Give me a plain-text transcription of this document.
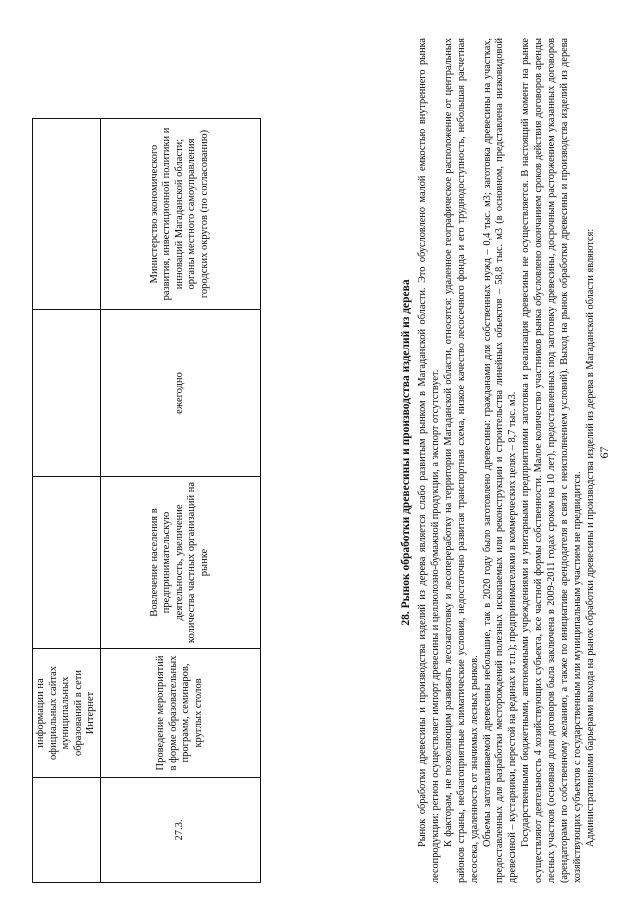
67
	информации на официальных сайтах муниципальных образований в сети Интернет			
27.3.	Проведение мероприятий в форме образовательных программ, семинаров, круглых столов	Вовлечение населения в предпринимательскую деятельность, увеличение количества частных организаций на рынке	ежегодно	Министерство экономического развития, инвестиционной политики и инноваций Магаданской области; органы местного самоуправления городских округов (по согласованию)
28. Рынок обработки древесины и производства изделий из дерева Рынок обработки древесины и производства изделий из дерева является слабо развитым рынком в Магаданской области. Это обусловлено малой емкостью внутреннего рынка лесопродукции: регион осуществляет импорт древесины и целлюлозно-бумажной продукции, а экспорт отсутствует. К факторам, не позволяющим развивать лесозаготовку и лесопереработку на территории Магаданской области, относятся: удаленное географическое расположение от центральных районов страны, неблагоприятные климатические условия, недостаточно развитая транспортная схема, низкое качество лесосечного фонда и его труднодоступность, небольшая расчетная лесосека, удаленность от значимых лесных рынков. Объемы заготавливаемой древесины небольшие, так в 2020 году было заготовлено древесины: гражданами для собственных нужд – 0,4 тыс. м3; заготовка древесины на участках, предоставленных для разработки месторождений полезных ископаемых или реконструкции и строительства линейных объектов – 58,8 тыс. м3 (в основном, представлена низковидовой древесиной – кустарники, перестой на рединах и т.п.); предпринимателями в коммерческих целях – 8,7 тыс. м3. Государственными бюджетными, автономными учреждениями и унитарными предприятиями заготовка и реализация древесины не осуществляется. В настоящий момент на рынке осуществляют деятельность 4 хозяйствующих субъекта, все частной формы собственности. Малое количество участников рынка обусловлено окончанием сроков действия договоров аренды лесных участков (основная доля договоров была заключена в 2009-2011 годах сроком на 10 лет), предоставленных под заготовку древесины, досрочным расторжением указанных договоров (арендаторами по собственному желанию, а также по инициативе арендодателя в связи с неисполнением условий). Выход на рынок обработки древесины и производства изделий из дерева хозяйствующих субъектов с государственным или муниципальным участием не предвидится. Административными барьерами выхода на рынок обработки древесины и производства изделий из дерева в Магаданской области являются:
